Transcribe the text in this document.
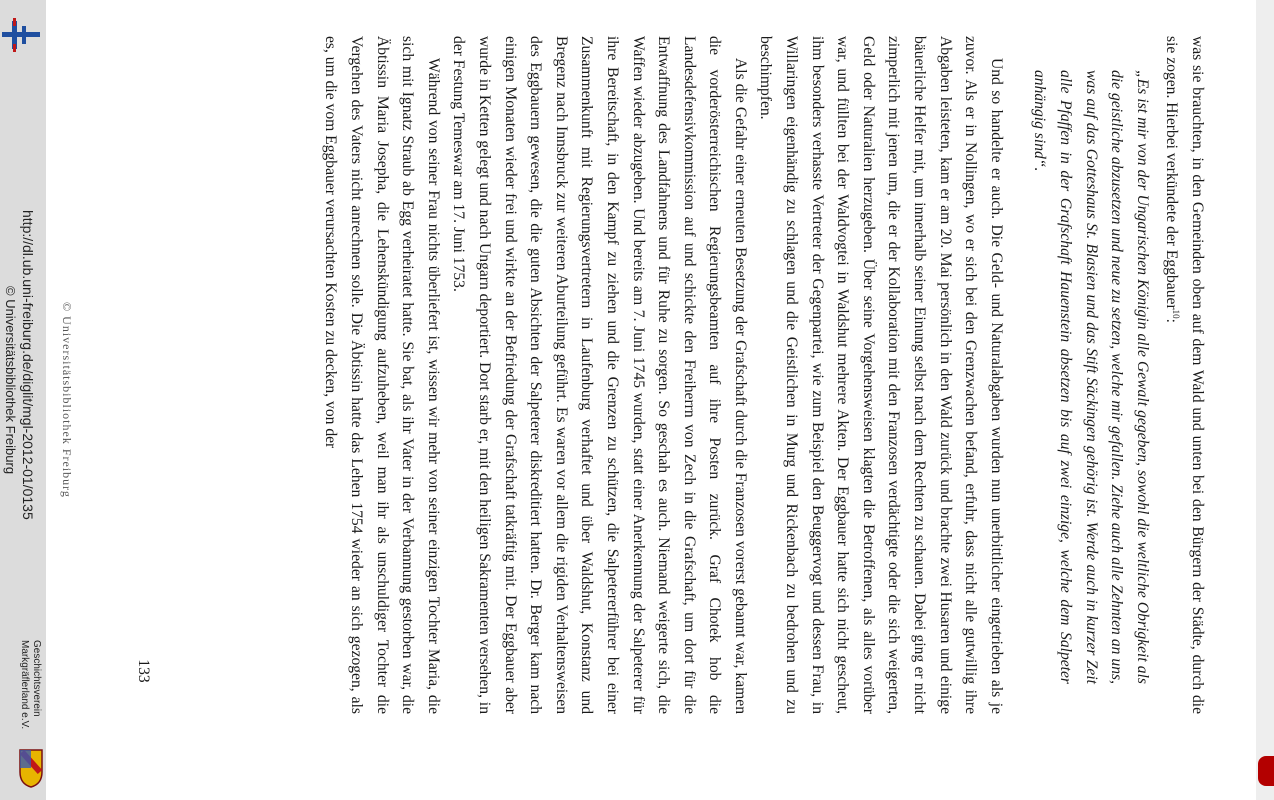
http://dl.ub.uni-freiburg.de/diglit/mgl-2012-01/0135
© Universitätsbibliothek Freiburg
Geschichtsverein
Markgräflerland e.V.
© Universitätsbibliothek Freiburg	was sie brauchten, in den Gemeinden oben auf dem Wald und unten bei den Bürgern der Städte, durch die sie zogen. Hierbei verkündete der Eggbauer$^{10}$:

„Es ist mir von der Ungarischen Königin alle Gewalt gegeben, sowohl die weltliche Obrigkeit als die geistliche abzusetzen und neue zu setzen, welche mir gefallen. Ziehe auch alle Zehnten an uns, was auf das Gotteshaus St. Blasien und das Stift Säckingen gehörig ist. Werde auch in kurzer Zeit alle Pfaffen in der Grafschaft Hauenstein absetzen bis auf zwei einzige, welche dem Salpeter anhängig sind“.

Und so handelte er auch. Die Geld- und Naturalabgaben wurden nun unerbittlicher eingetrieben als je zuvor. Als er in Nollingen, wo er sich bei den Grenzwachen befand, erfuhr, dass nicht alle gutwillig ihre Abgaben leisteten, kam er am 20. Mai persönlich in den Wald zurück und brachte zwei Husaren und einige bäuerliche Helfer mit, um innerhalb seiner Einung selbst nach dem Rechten zu schauen. Dabei ging er nicht zimperlich mit jenen um, die er der Kollaboration mit den Franzosen verdächtigte oder die sich weigerten, Geld oder Naturalien herzugeben. Über seine Vorgehensweisen klagten die Betroffenen, als alles vorüber war, und füllten bei der Waldvogtei in Waldshut mehrere Akten. Der Eggbauer hatte sich nicht gescheut, ihm besonders verhasste Vertreter der Gegenpartei, wie zum Beispiel den Beuggervogt und dessen Frau, in Willaringen eigenhändig zu schlagen und die Geistlichen in Murg und Rickenbach zu bedrohen und zu beschimpfen.

Als die Gefahr einer erneuten Besetzung der Grafschaft durch die Franzosen vorerst gebannt war, kamen die vorderösterreichischen Regierungsbeamten auf ihre Posten zurück. Graf Chotek hob die Landesdefensivkommission auf und schickte den Freiherrn von Zech in die Grafschaft, um dort für die Entwaffnung des Landfahnens und für Ruhe zu sorgen. So geschah es auch. Niemand weigerte sich, die Waffen wieder abzugeben. Und bereits am 7. Juni 1745 wurden, statt einer Anerkennung der Salpeterer für ihre Bereitschaft, in den Kampf zu ziehen und die Grenzen zu schützen, die Salpetererführer bei einer Zusammenkunft mit Regierungsvertretern in Laufenburg verhaftet und über Waldshut, Konstanz und Bregenz nach Innsbruck zur weiteren Aburteilung geführt. Es waren vor allem die rigiden Verhaltensweisen des Eggbauern gewesen, die die guten Absichten der Salpeterer diskreditiert hatten. Dr. Berger kam nach einigen Monaten wieder frei und wirkte an der Befriedung der Grafschaft tatkräftig mit. Der Eggbauer aber wurde in Ketten gelegt und nach Ungarn deportiert. Dort starb er, mit den heiligen Sakramenten versehen, in der Festung Temeswar am 17. Juni 1753.

Während von seiner Frau nichts überliefert ist, wissen wir mehr von seiner einzigen Tochter Maria, die sich mit Ignatz Straub ab Egg verheiratet hatte. Sie bat, als ihr Vater in der Verbannung gestorben war, die Äbtissin Maria Josepha, die Lehenskündigung aufzuheben, weil man ihr als unschuldiger Tochter die Vergehen des Vaters nicht anrechnen solle. Die Äbtissin hatte das Lehen 1754 wieder an sich gezogen, als es, um die vom Eggbauer verursachten Kosten zu decken, von der

133
